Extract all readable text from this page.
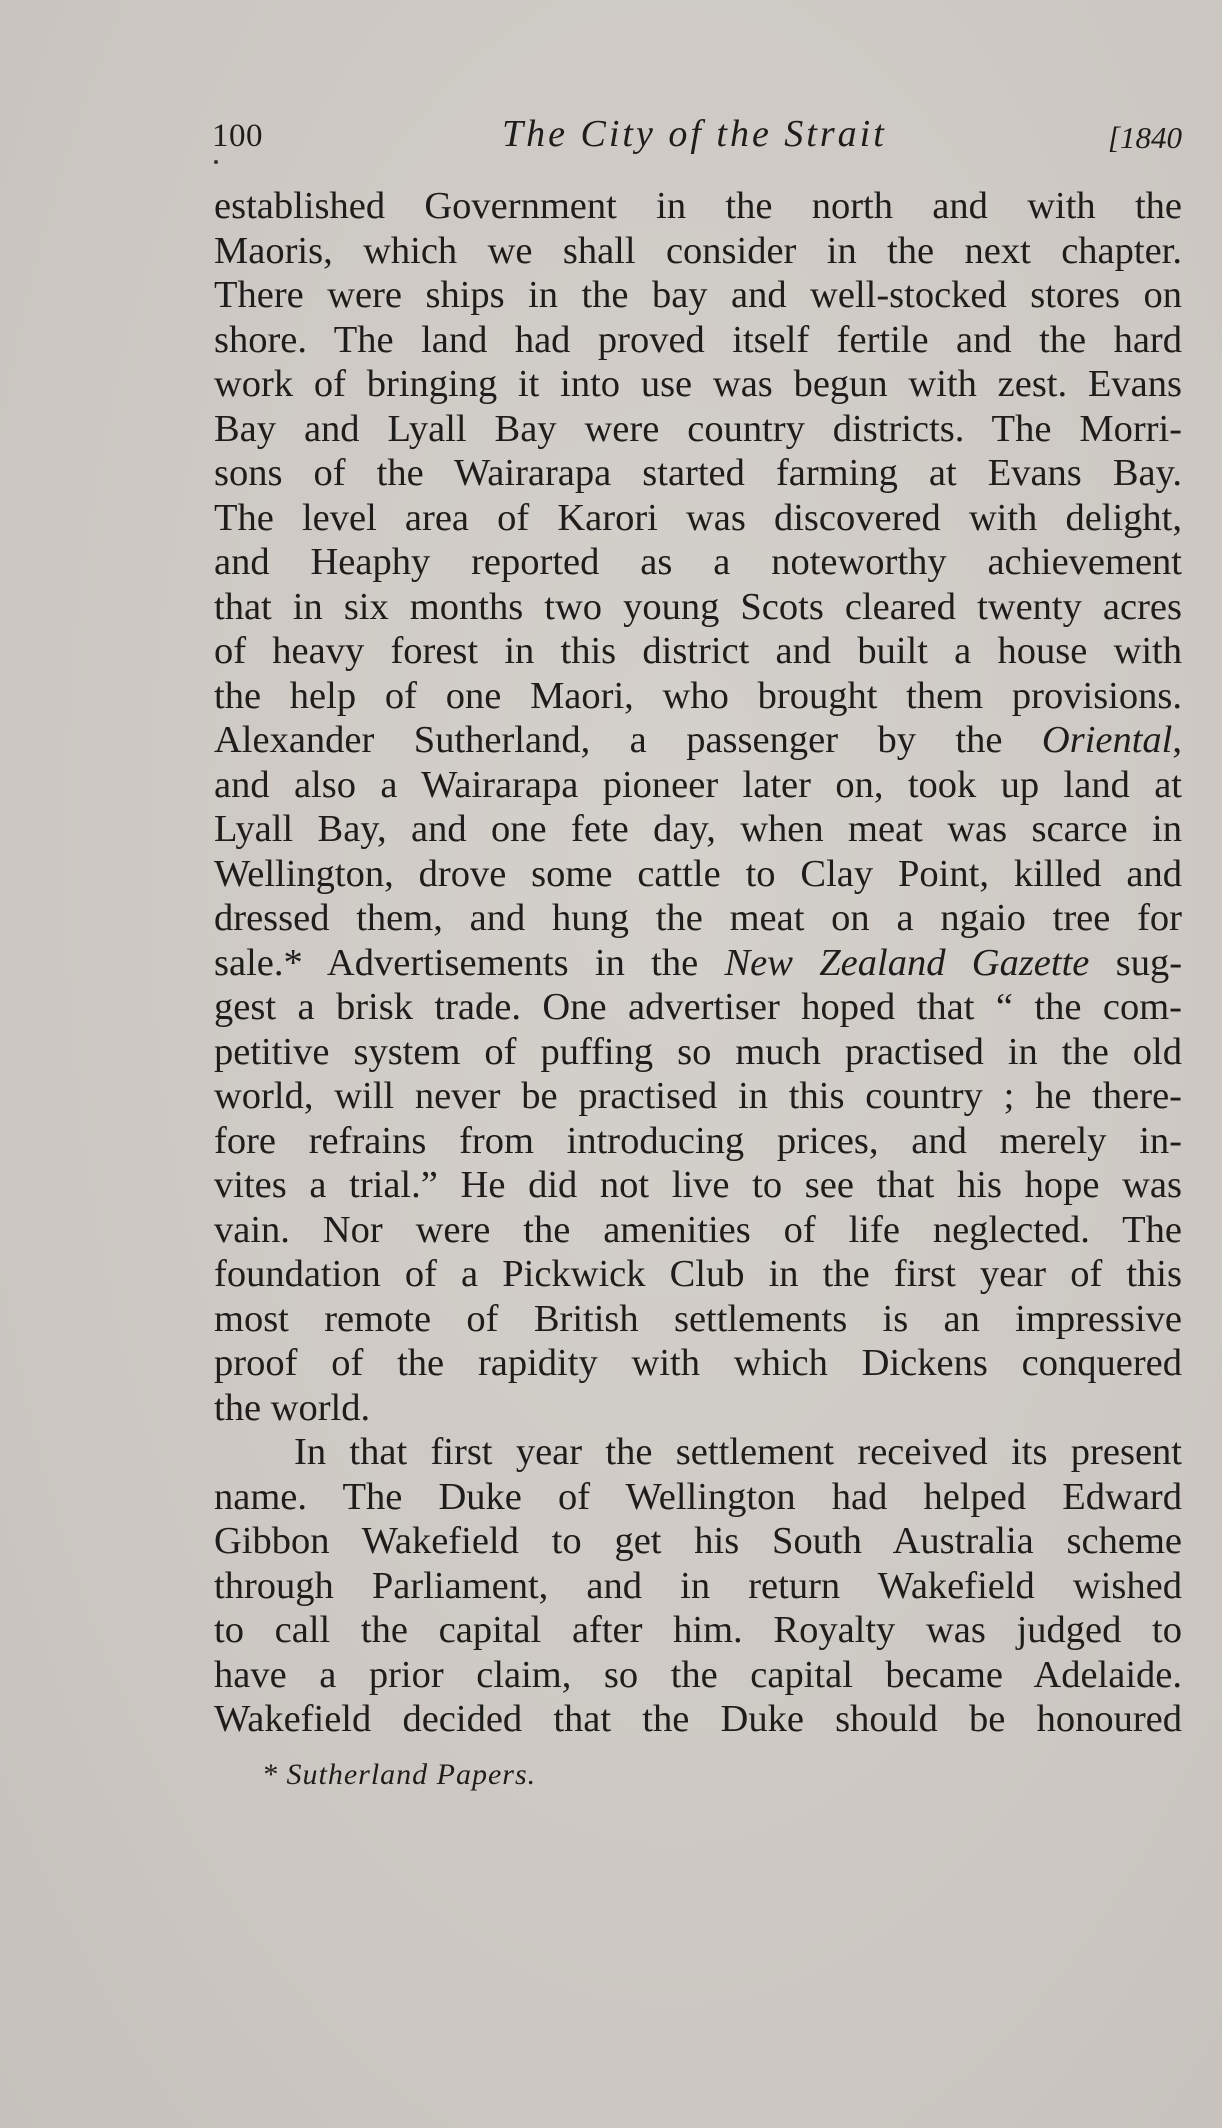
100	The City of the Strait	[1840
established Government in the north and with the
Maoris, which we shall consider in the next chapter.
There were ships in the bay and well-stocked stores on
shore. The land had proved itself fertile and the hard
work of bringing it into use was begun with zest. Evans
Bay and Lyall Bay were country districts. The Morri-
sons of the Wairarapa started farming at Evans Bay.
The level area of Karori was discovered with delight,
and Heaphy reported as a noteworthy achievement
that in six months two young Scots cleared twenty acres
of heavy forest in this district and built a house with
the help of one Maori, who brought them provisions.
Alexander Sutherland, a passenger by the Oriental,
and also a Wairarapa pioneer later on, took up land at
Lyall Bay, and one fete day, when meat was scarce in
Wellington, drove some cattle to Clay Point, killed and
dressed them, and hung the meat on a ngaio tree for
sale.* Advertisements in the New Zealand Gazette sug-
gest a brisk trade. One advertiser hoped that “ the com-
petitive system of puffing so much practised in the old
world, will never be practised in this country ; he there-
fore refrains from introducing prices, and merely in-
vites a trial.” He did not live to see that his hope was
vain. Nor were the amenities of life neglected. The
foundation of a Pickwick Club in the first year of this
most remote of British settlements is an impressive
proof of the rapidity with which Dickens conquered
the world.
In that first year the settlement received its present
name. The Duke of Wellington had helped Edward
Gibbon Wakefield to get his South Australia scheme
through Parliament, and in return Wakefield wished
to call the capital after him. Royalty was judged to
have a prior claim, so the capital became Adelaide.
Wakefield decided that the Duke should be honoured
* Sutherland Papers.
